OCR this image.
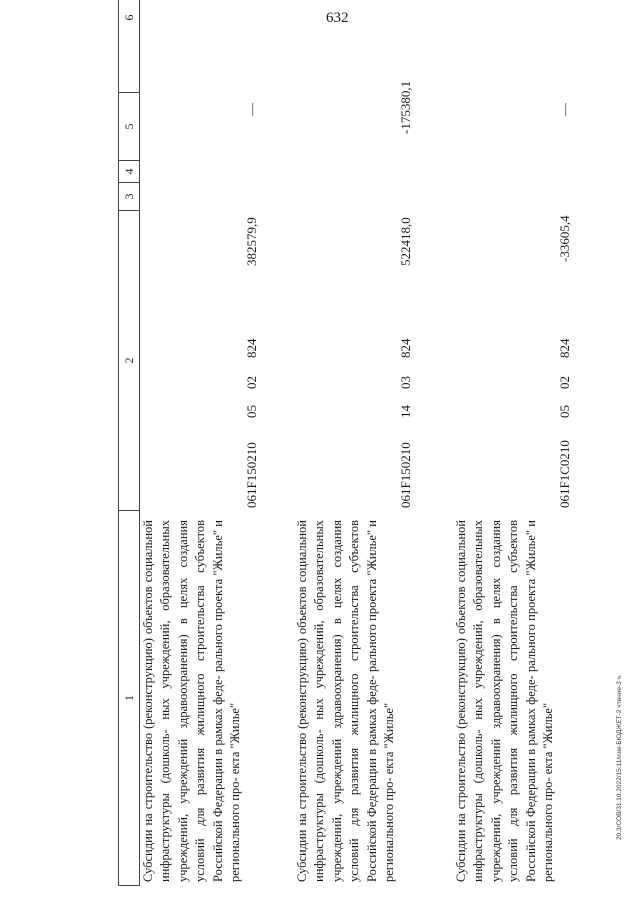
632
20.3/СОВ/31.10.2022/15:11/изм-БЮДЖЕТ-2 чтение-3 ч.
1
2
3
4
5
6
Субсидии на строительство (реконструкцию) объектов социальной инфраструктуры (дошколь- ных учреждений, образовательных учреждений, учреждений здравоохранения) в целях создания условий для развития жилищного строительства субъектов Российской Федерации в рамках феде- рального проекта "Жилье" и регионального про- екта "Жилье"
061F150210
05
02
824
382579,9
—
Субсидии на строительство (реконструкцию) объектов социальной инфраструктуры (дошколь- ных учреждений, образовательных учреждений, учреждений здравоохранения) в целях создания условий для развития жилищного строительства субъектов Российской Федерации в рамках феде- рального проекта "Жилье" и регионального про- екта "Жилье"
061F150210
14
03
824
522418,0
-175380,1
Субсидии на строительство (реконструкцию) объектов социальной инфраструктуры (дошколь- ных учреждений, образовательных учреждений, учреждений здравоохранения) в целях создания условий для развития жилищного строительства субъектов Российской Федерации в рамках феде- рального проекта "Жилье" и регионального про- екта "Жилье"
061F1C0210
05
02
824
-33605,4
—
